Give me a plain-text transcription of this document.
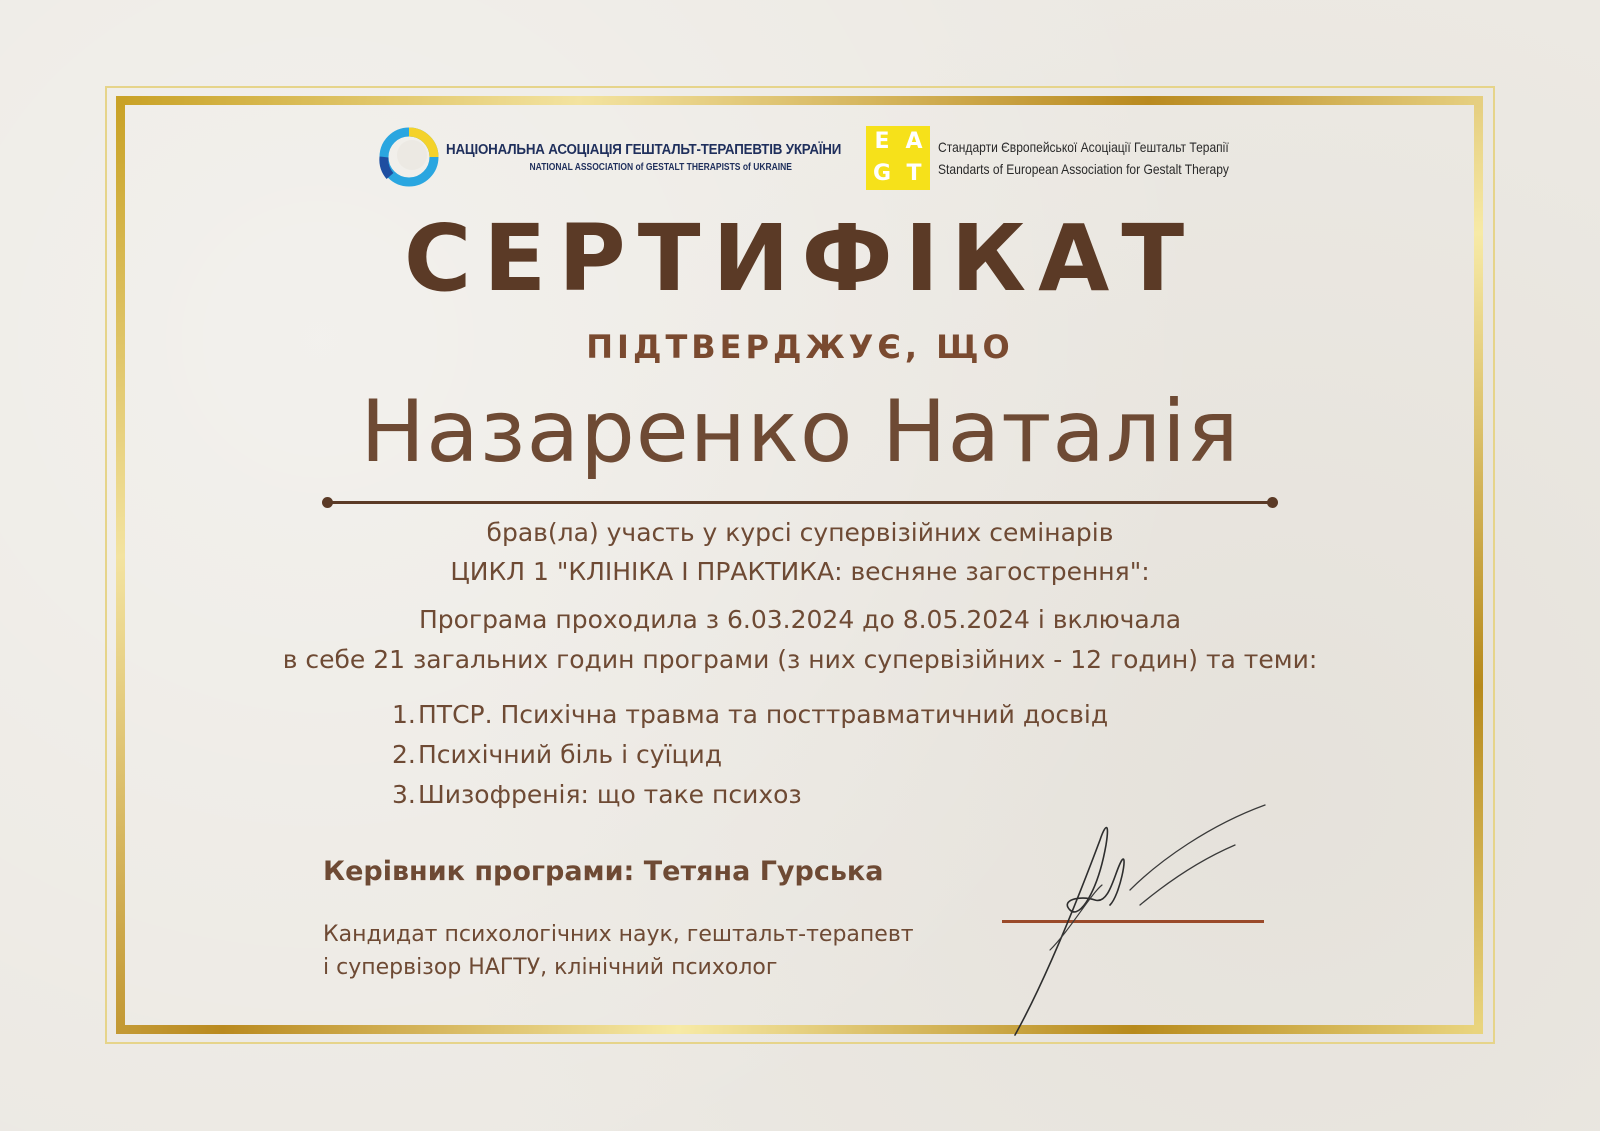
НАЦІОНАЛЬНА АСОЦІАЦІЯ ГЕШТАЛЬТ-ТЕРАПЕВТІВ УКРАЇНИ
NATIONAL ASSOCIATION of GESTALT THERAPISTS of UKRAINE
E A
G T
Стандарти Європейської Асоціації Гештальт Терапії
Standarts of European Association for Gestalt Therapy
СЕРТИФІКАТ
ПІДТВЕРДЖУЄ, ЩО
Назаренко Наталія
брав(ла) участь у курсі супервізійних семінарів
ЦИКЛ 1 "КЛІНІКА І ПРАКТИКА: весняне загострення":
Програма проходила з 6.03.2024 до 8.05.2024 і включала
в себе 21 загальних годин програми (з них супервізійних - 12 годин) та теми:
1. ПТСР. Психічна травма та посттравматичний досвід
2. Психічний біль і суїцид
3. Шизофренія: що таке психоз
Керівник програми: Тетяна Гурська
Кандидат психологічних наук, гештальт-терапевт
і супервізор НАГТУ, клінічний психолог
